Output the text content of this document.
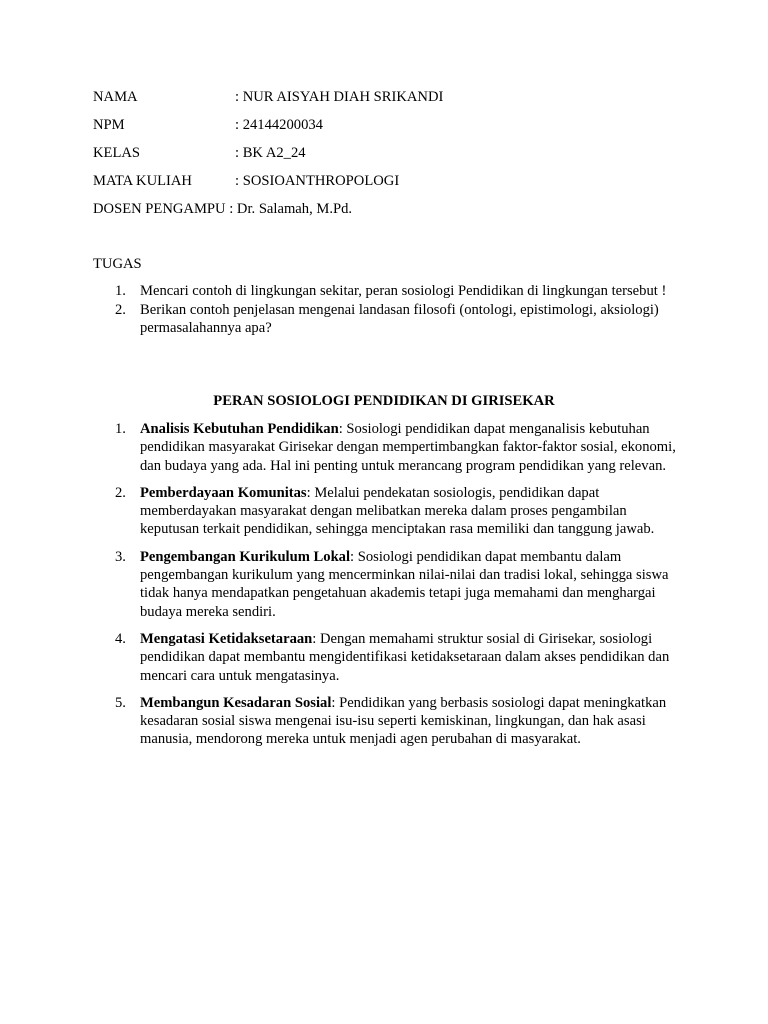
NAMA	: NUR AISYAH DIAH SRIKANDI
NPM	: 24144200034
KELAS	: BK A2_24
MATA KULIAH	: SOSIOANTHROPOLOGI
DOSEN PENGAMPU : Dr. Salamah, M.Pd.
TUGAS
1. Mencari contoh di lingkungan sekitar, peran sosiologi Pendidikan di lingkungan tersebut !
2. Berikan contoh penjelasan mengenai landasan filosofi (ontologi, epistimologi, aksiologi) permasalahannya apa?
PERAN SOSIOLOGI PENDIDIKAN DI GIRISEKAR
1. Analisis Kebutuhan Pendidikan: Sosiologi pendidikan dapat menganalisis kebutuhan pendidikan masyarakat Girisekar dengan mempertimbangkan faktor-faktor sosial, ekonomi, dan budaya yang ada. Hal ini penting untuk merancang program pendidikan yang relevan.
2. Pemberdayaan Komunitas: Melalui pendekatan sosiologis, pendidikan dapat memberdayakan masyarakat dengan melibatkan mereka dalam proses pengambilan keputusan terkait pendidikan, sehingga menciptakan rasa memiliki dan tanggung jawab.
3. Pengembangan Kurikulum Lokal: Sosiologi pendidikan dapat membantu dalam pengembangan kurikulum yang mencerminkan nilai-nilai dan tradisi lokal, sehingga siswa tidak hanya mendapatkan pengetahuan akademis tetapi juga memahami dan menghargai budaya mereka sendiri.
4. Mengatasi Ketidaksetaraan: Dengan memahami struktur sosial di Girisekar, sosiologi pendidikan dapat membantu mengidentifikasi ketidaksetaraan dalam akses pendidikan dan mencari cara untuk mengatasinya.
5. Membangun Kesadaran Sosial: Pendidikan yang berbasis sosiologi dapat meningkatkan kesadaran sosial siswa mengenai isu-isu seperti kemiskinan, lingkungan, dan hak asasi manusia, mendorong mereka untuk menjadi agen perubahan di masyarakat.
